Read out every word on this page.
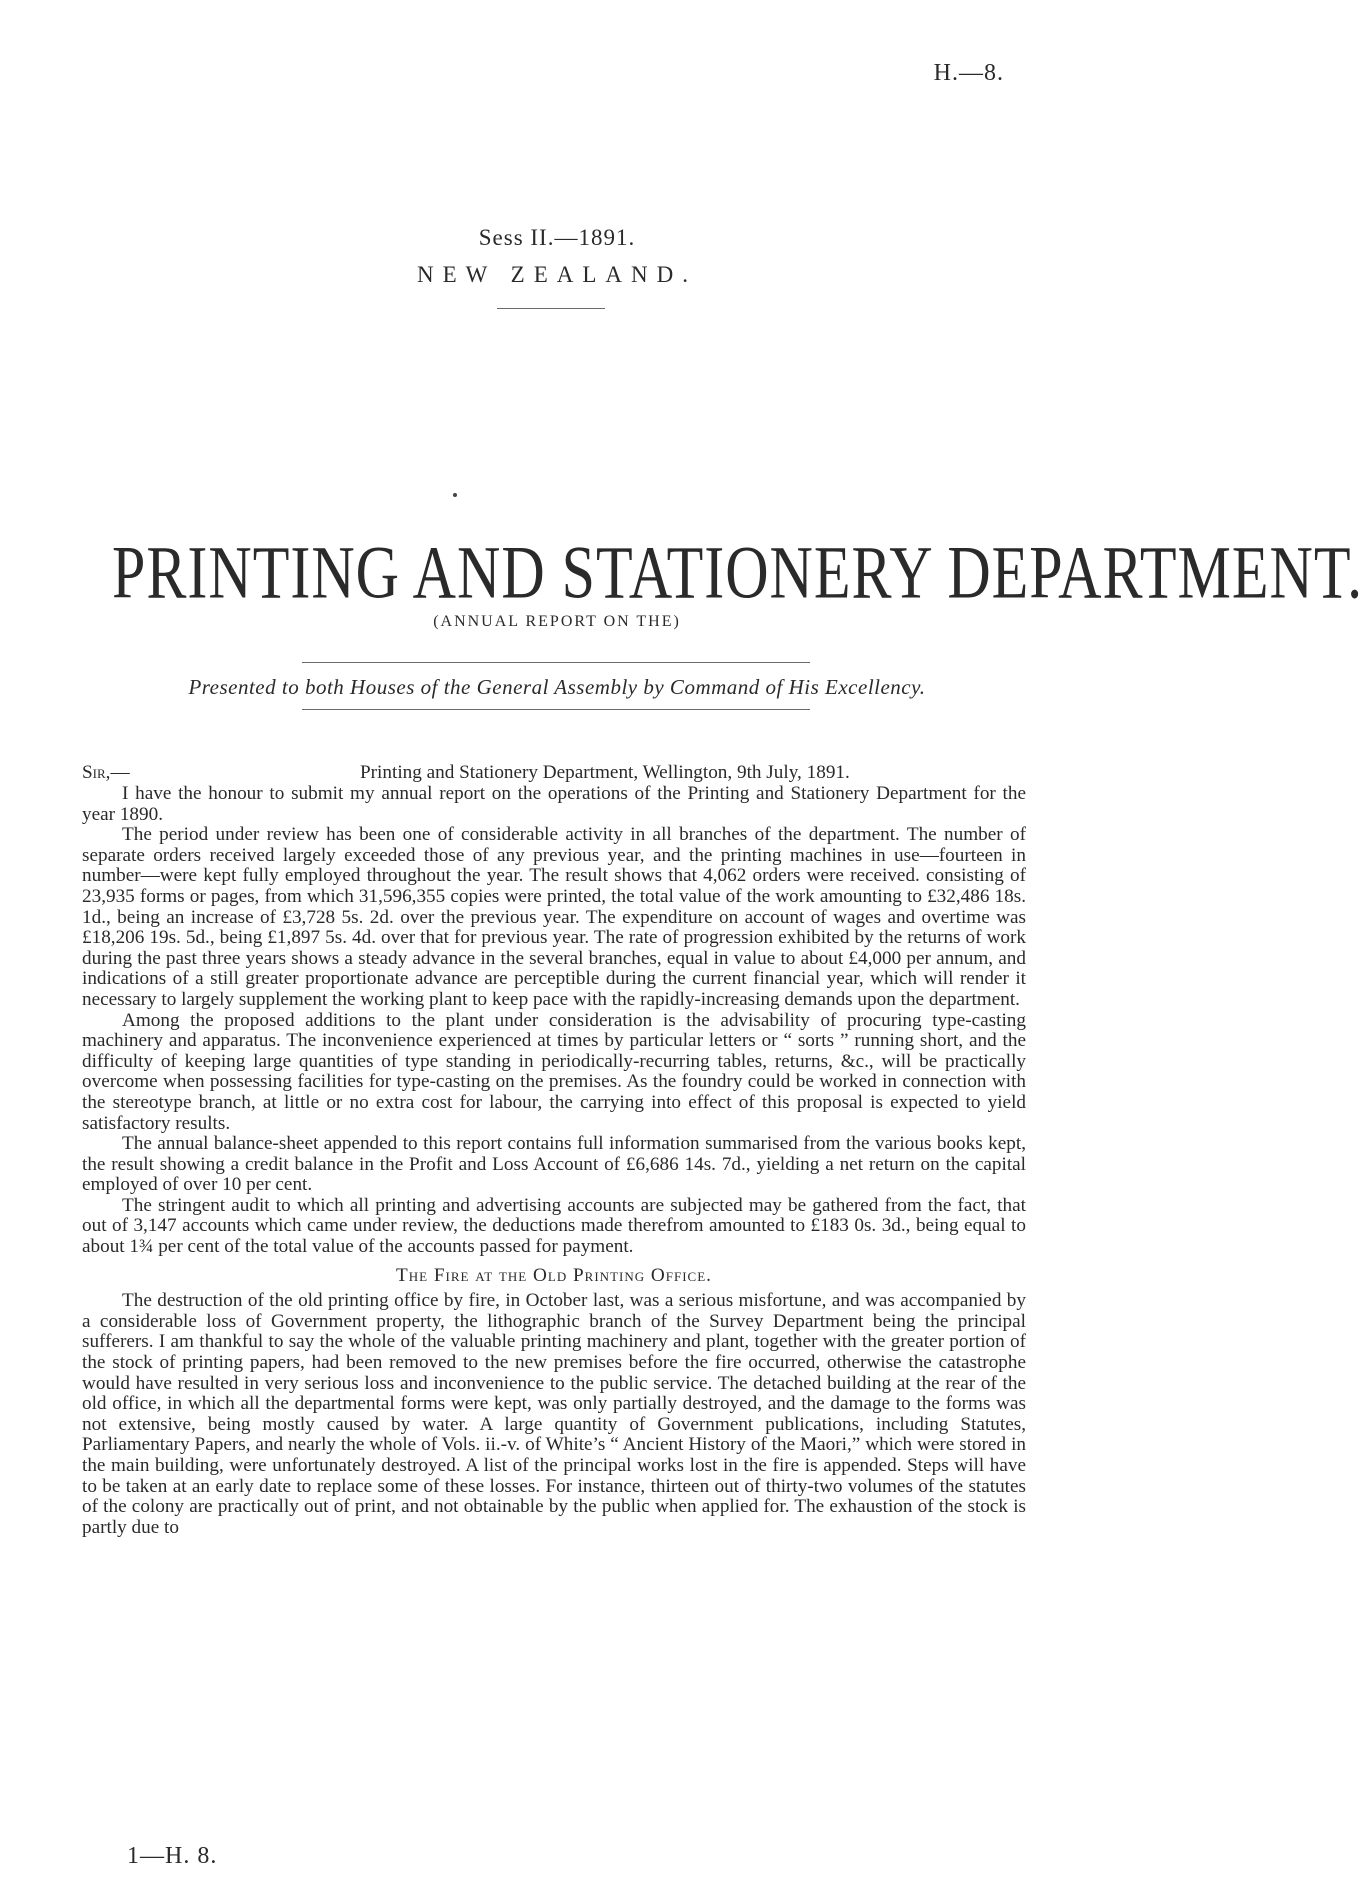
H.—8.
Sess II.—1891.
NEW ZEALAND.
PRINTING AND STATIONERY DEPARTMENT.
(ANNUAL REPORT ON THE)
Presented to both Houses of the General Assembly by Command of His Excellency.
Sir,—	Printing and Stationery Department, Wellington, 9th July, 1891.

I have the honour to submit my annual report on the operations of the Printing and Stationery Department for the year 1890.

The period under review has been one of considerable activity in all branches of the department. The number of separate orders received largely exceeded those of any previous year, and the printing machines in use—fourteen in number—were kept fully employed throughout the year. The result shows that 4,062 orders were received. consisting of 23,935 forms or pages, from which 31,596,355 copies were printed, the total value of the work amounting to £32,486 18s. 1d., being an increase of £3,728 5s. 2d. over the previous year. The expenditure on account of wages and overtime was £18,206 19s. 5d., being £1,897 5s. 4d. over that for previous year. The rate of progression exhibited by the returns of work during the past three years shows a steady advance in the several branches, equal in value to about £4,000 per annum, and indications of a still greater proportionate advance are perceptible during the current financial year, which will render it necessary to largely supplement the working plant to keep pace with the rapidly-increasing demands upon the department.

Among the proposed additions to the plant under consideration is the advisability of procuring type-casting machinery and apparatus. The inconvenience experienced at times by particular letters or “ sorts ” running short, and the difficulty of keeping large quantities of type standing in periodically-recurring tables, returns, &c., will be practically overcome when possessing facilities for type-casting on the premises. As the foundry could be worked in connection with the stereotype branch, at little or no extra cost for labour, the carrying into effect of this proposal is expected to yield satisfactory results.

The annual balance-sheet appended to this report contains full information summarised from the various books kept, the result showing a credit balance in the Profit and Loss Account of £6,686 14s. 7d., yielding a net return on the capital employed of over 10 per cent.

The stringent audit to which all printing and advertising accounts are subjected may be gathered from the fact, that out of 3,147 accounts which came under review, the deductions made therefrom amounted to £183 0s. 3d., being equal to about 1¾ per cent of the total value of the accounts passed for payment.

The Fire at the Old Printing Office.

The destruction of the old printing office by fire, in October last, was a serious misfortune, and was accompanied by a considerable loss of Government property, the lithographic branch of the Survey Department being the principal sufferers. I am thankful to say the whole of the valuable printing machinery and plant, together with the greater portion of the stock of printing papers, had been removed to the new premises before the fire occurred, otherwise the catastrophe would have resulted in very serious loss and inconvenience to the public service. The detached building at the rear of the old office, in which all the departmental forms were kept, was only partially destroyed, and the damage to the forms was not extensive, being mostly caused by water. A large quantity of Government publications, including Statutes, Parliamentary Papers, and nearly the whole of Vols. ii.-v. of White’s “ Ancient History of the Maori,” which were stored in the main building, were unfortunately destroyed. A list of the principal works lost in the fire is appended. Steps will have to be taken at an early date to replace some of these losses. For instance, thirteen out of thirty-two volumes of the statutes of the colony are practically out of print, and not obtainable by the public when applied for. The exhaustion of the stock is partly due to

1—H. 8.
